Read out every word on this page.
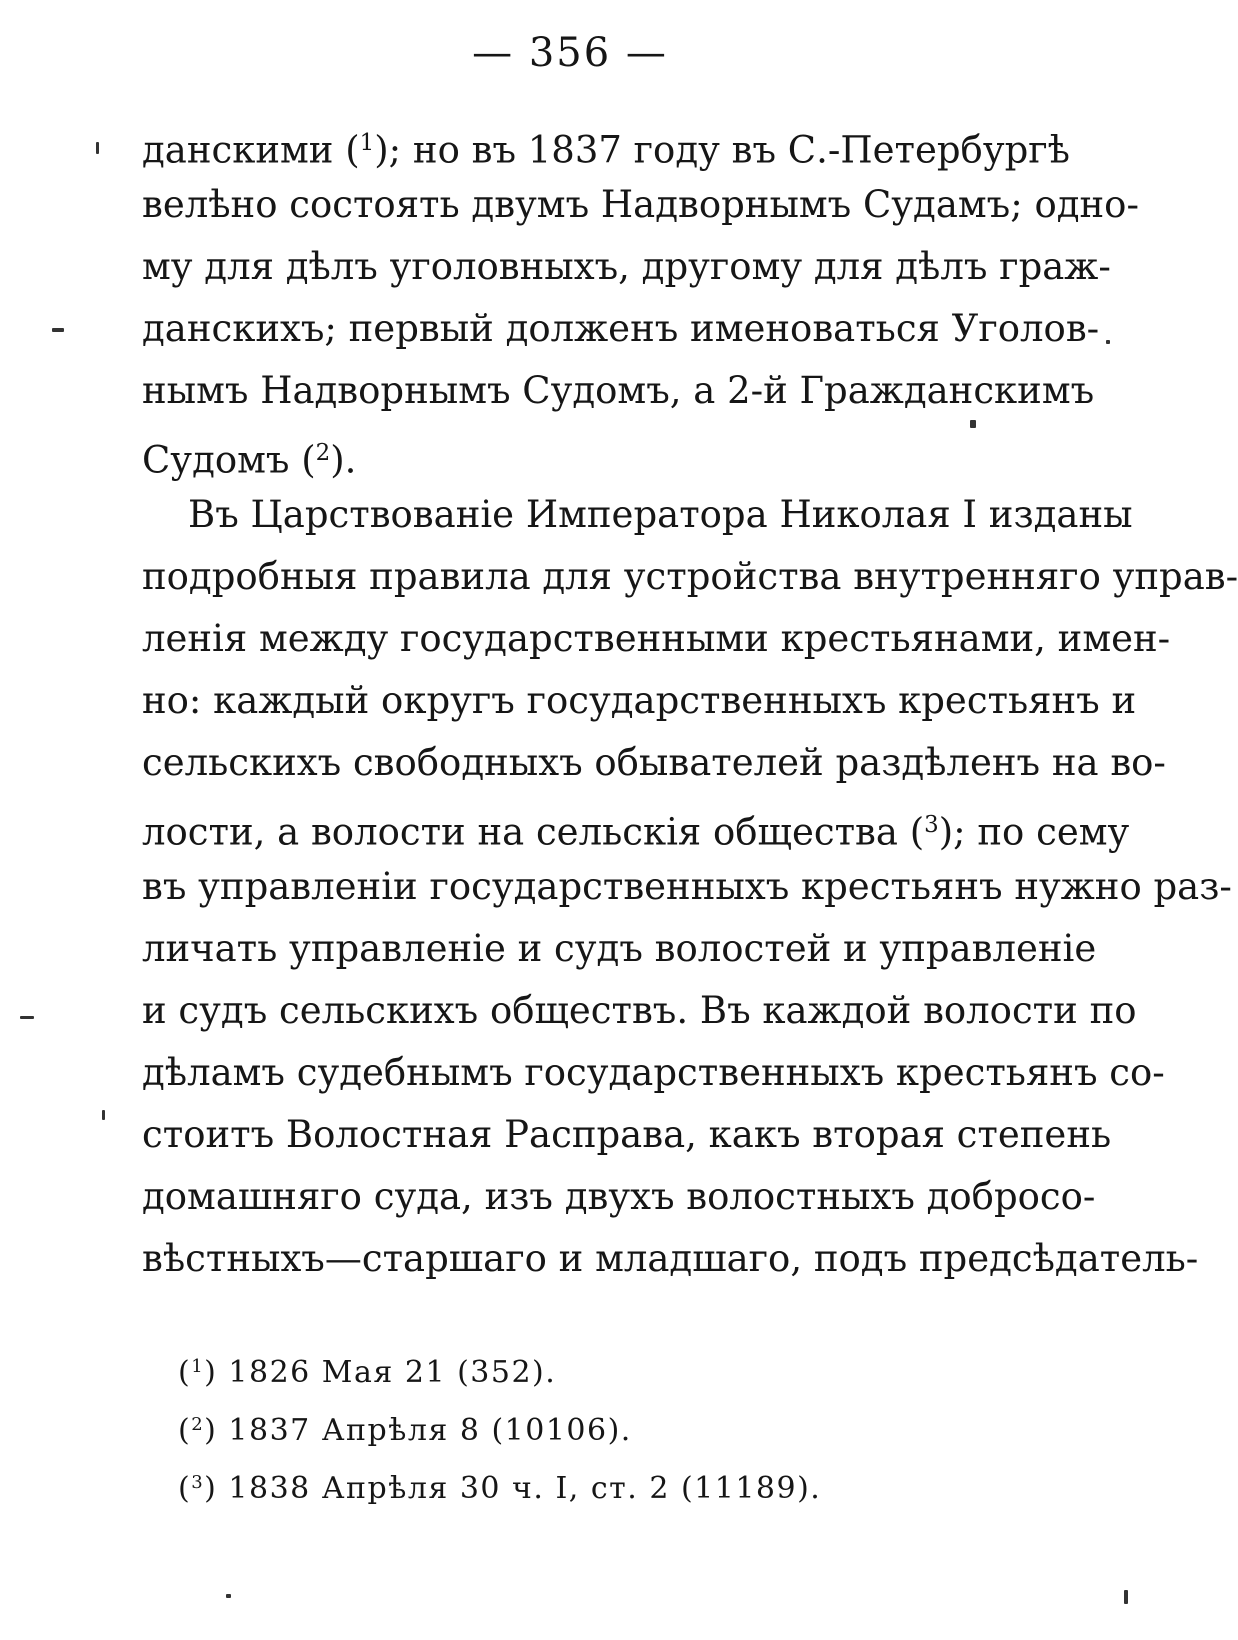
— 356 —
данскими ($^1$); но въ 1837 году въ С.-Петербургѣ
велѣно состоять двумъ Надворнымъ Судамъ; одно-
му для дѣлъ уголовныхъ, другому для дѣлъ граж-
данскихъ; первый долженъ именоваться Уголов-
нымъ Надворнымъ Судомъ, а 2-й Гражданскимъ
Судомъ ($^2$).
Въ Царствованіе Императора Николая I изданы
подробныя правила для устройства внутренняго управ-
ленія между государственными крестьянами, имен-
но: каждый округъ государственныхъ крестьянъ и
сельскихъ свободныхъ обывателей раздѣленъ на во-
лости, а волости на сельскія общества ($^3$); по сему
въ управленіи государственныхъ крестьянъ нужно раз-
личать управленіе и судъ волостей и управленіе
и судъ сельскихъ обществъ. Въ каждой волости по
дѣламъ судебнымъ государственныхъ крестьянъ со-
стоитъ Волостная Расправа, какъ вторая степень
домашняго суда, изъ двухъ волостныхъ добросо-
вѣстныхъ—старшаго и младшаго, подъ предсѣдатель-
($^1$) 1826 Мая 21 (352).
($^2$) 1837 Апрѣля 8 (10106).
($^3$) 1838 Апрѣля 30 ч. I, ст. 2 (11189).
